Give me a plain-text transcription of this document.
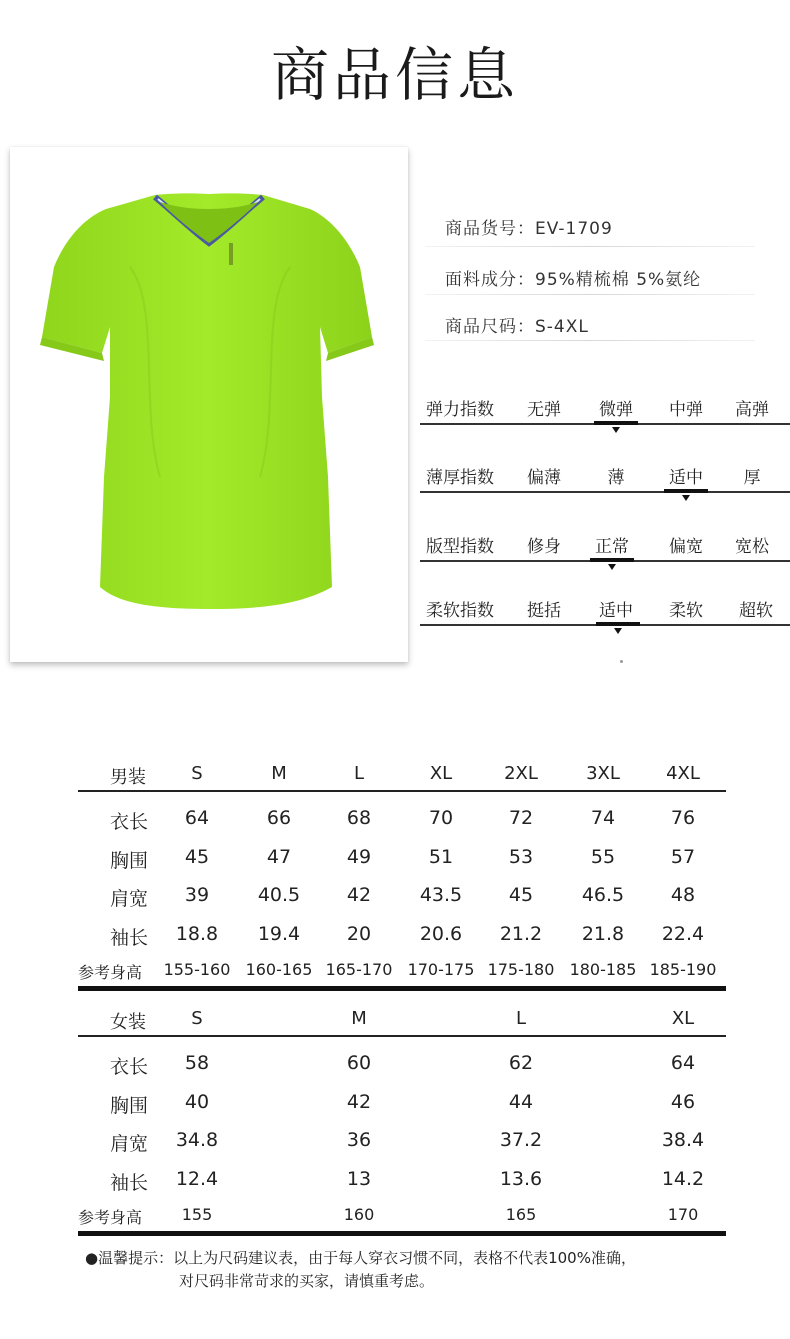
商品信息
商品货号：EV-1709
面料成分：95%精梳棉 5%氨纶
商品尺码：S-4XL
弹力指数	无弹	微弹	中弹	高弹
薄厚指数	偏薄	薄	适中	厚
版型指数	修身	正常	偏宽	宽松
柔软指数	挺括	适中	柔软	超软
男装	S	M	L	XL	2XL	3XL	4XL
衣长	64	66	68	70	72	74	76
胸围	45	47	49	51	53	55	57
肩宽	39	40.5	42	43.5	45	46.5	48
袖长	18.8	19.4	20	20.6	21.2	21.8	22.4
参考身高	155-160 160-165 165-170 170-175 175-180 180-185 185-190
女装	S	M	L	XL
衣长	58	60	62	64
胸围	40	42	44	46
肩宽	34.8	36	37.2	38.4
袖长	12.4	13	13.6	14.2
参考身高	155	160	165	170
●温馨提示：以上为尺码建议表，由于每人穿衣习惯不同，表格不代表100%准确，
对尺码非常苛求的买家，请慎重考虑。
